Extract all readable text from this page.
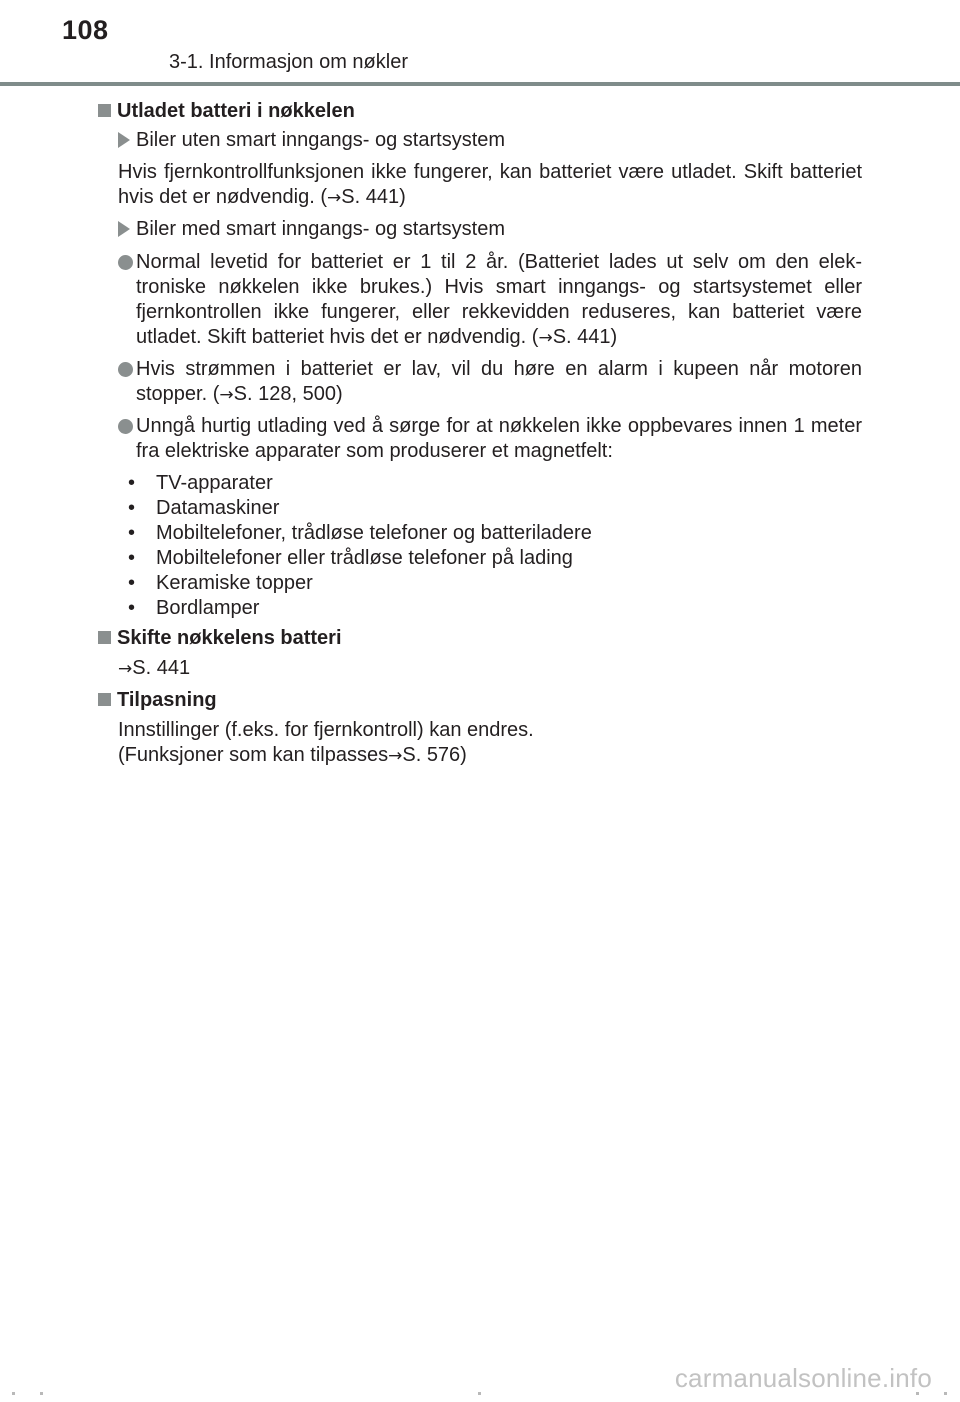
108
3-1. Informasjon om nøkler
Utladet batteri i nøkkelen
Biler uten smart inngangs- og startsystem
Hvis fjernkontrollfunksjonen ikke fungerer, kan batteriet være utladet. Skift batteriet hvis det er nødvendig. (→S. 441)
Biler med smart inngangs- og startsystem
Normal levetid for batteriet er 1 til 2 år. (Batteriet lades ut selv om den elek-troniske nøkkelen ikke brukes.) Hvis smart inngangs- og startsystemet eller fjernkontrollen ikke fungerer, eller rekkevidden reduseres, kan batteriet være utladet. Skift batteriet hvis det er nødvendig. (→S. 441)
Hvis strømmen i batteriet er lav, vil du høre en alarm i kupeen når motoren stopper. (→S. 128, 500)
Unngå hurtig utlading ved å sørge for at nøkkelen ikke oppbevares innen 1 meter fra elektriske apparater som produserer et magnetfelt:
• TV-apparater
• Datamaskiner
• Mobiltelefoner, trådløse telefoner og batteriladere
• Mobiltelefoner eller trådløse telefoner på lading
• Keramiske topper
• Bordlamper
Skifte nøkkelens batteri
→S. 441
Tilpasning
Innstillinger (f.eks. for fjernkontroll) kan endres.
(Funksjoner som kan tilpasses→S. 576)
carmanualsonline.info
